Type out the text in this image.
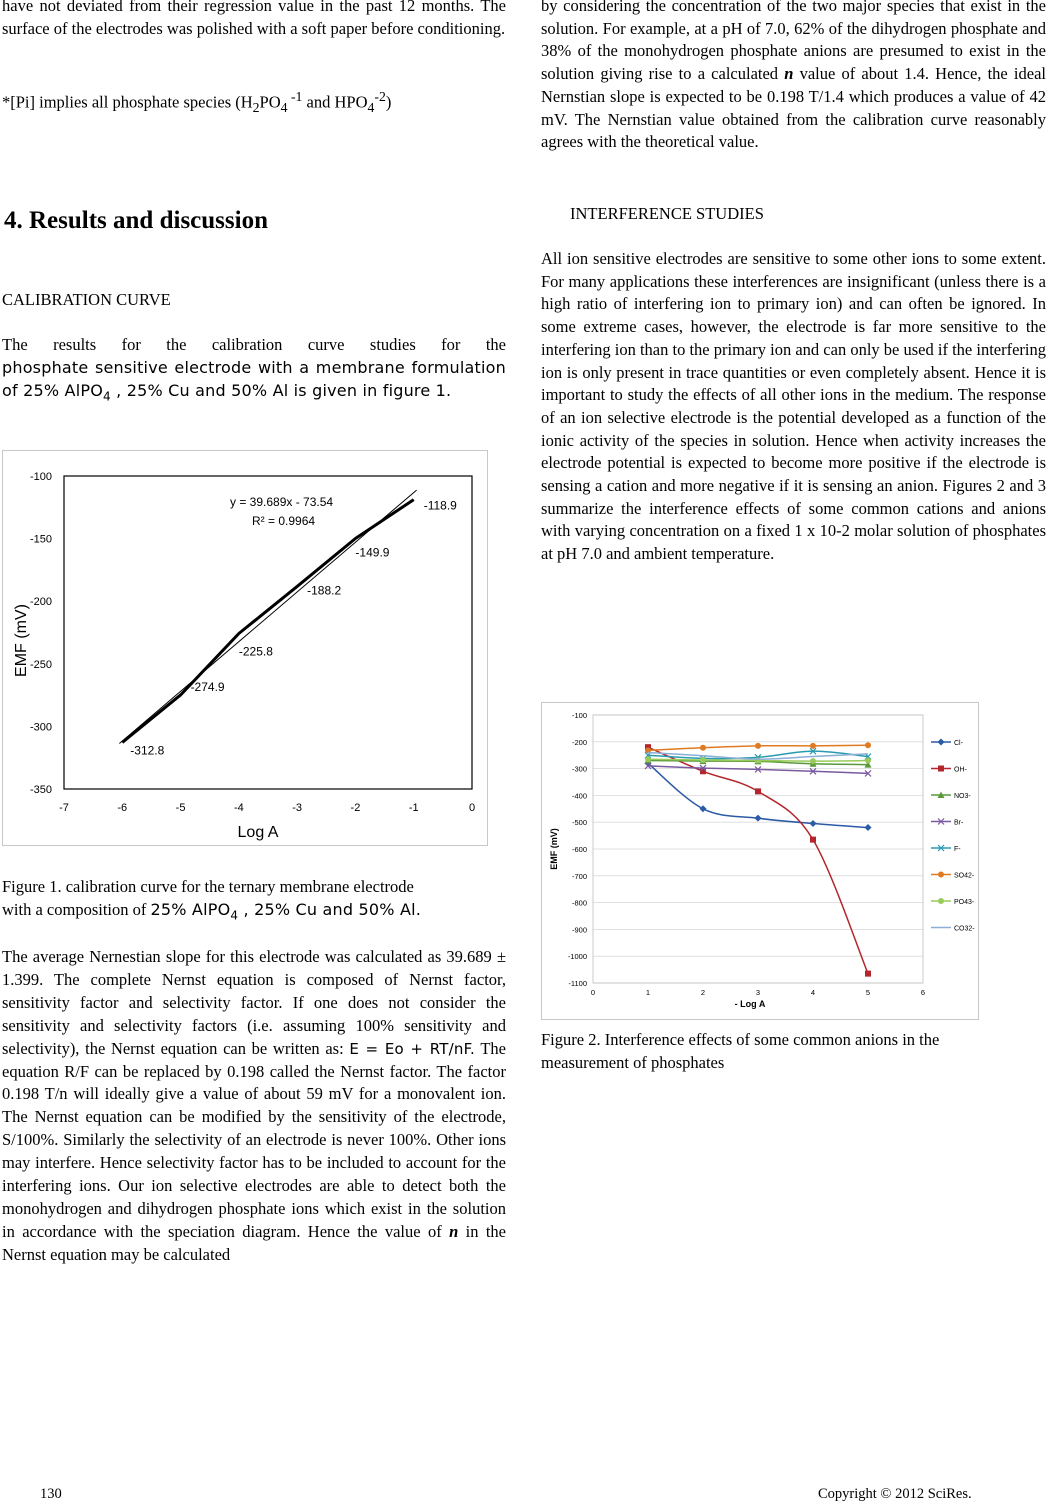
have not deviated from their regression value in the past 12 months. The surface of the electrodes was polished with a soft paper before conditioning.

*[Pi] implies all phosphate species ($H_2PO_4$ $^{-1}$ and $HPO_4^{-2}$)

4. Results and discussion
CALIBRATION CURVE

The results for the calibration curve studies for the phosphate sensitive electrode with a membrane formulation of 25% AlPO$_4$ , 25% Cu and 50% Al is given in figure 1.

-7	-6	-5	-4	-3	-2	-1	0
-100
-150
-200
-250
-300
-350
Log A
EMF (mV)
-312.8
-274.9
-225.8
-188.2
-149.9
-118.9
y = 39.689x - 73.54
R² = 0.9964
Figure 1. calibration curve for the ternary membrane electrode
with a composition of 25% AlPO$_4$ , 25% Cu and 50% Al.

The average Nernestian slope for this electrode was calculated as 39.689 ± 1.399. The complete Nernst equation is composed of Nernst factor, sensitivity factor and selectivity factor. If one does not consider the sensitivity and selectivity factors (i.e. assuming 100% sensitivity and selectivity), the Nernst equation can be written as: E = Eo + RT/nF. The equation R/F can be replaced by 0.198 called the Nernst factor. The factor 0.198 T/n will ideally give a value of about 59 mV for a monovalent ion. The Nernst equation can be modified by the sensitivity of the electrode, S/100%. Similarly the selectivity of an electrode is never 100%. Other ions may interfere. Hence selectivity factor has to be included to account for the interfering ions. Our ion selective electrodes are able to detect both the monohydrogen and dihydrogen phosphate ions which exist in the solution in accordance with the speciation diagram. Hence the value of n in the Nernst equation may be calculated

by considering the concentration of the two major species that exist in the solution. For example, at a pH of 7.0, 62% of the dihydrogen phosphate and 38% of the monohydrogen phosphate anions are presumed to exist in the solution giving rise to a calculated n value of about 1.4. Hence, the ideal Nernstian slope is expected to be 0.198 T/1.4 which produces a value of 42 mV. The Nernstian value obtained from the calibration curve reasonably agrees with the theoretical value.

INTERFERENCE STUDIES

All ion sensitive electrodes are sensitive to some other ions to some extent. For many applications these interferences are insignificant (unless there is a high ratio of interfering ion to primary ion) and can often be ignored. In some extreme cases, however, the electrode is far more sensitive to the interfering ion than to the primary ion and can only be used if the interfering ion is only present in trace quantities or even completely absent. Hence it is important to study the effects of all other ions in the medium. The response of an ion selective electrode is the potential developed as a function of the ionic activity of the species in solution. Hence when activity increases the electrode potential is expected to become more positive if the electrode is sensing a cation and more negative if it is sensing an anion. Figures 2 and 3 summarize the interference effects of some common cations and anions with varying concentration on a fixed 1 x 10-2 molar solution of phosphates at pH 7.0 and ambient temperature.

-100
-200
-300
-400
-500
-600
-700
-800
-900
-1000
-1100
0	1	2	3	4	5	6
- Log A
EMF (mV)
Cl-
OH-
NO3-
Br-
F-
SO42-
PO43-
CO32-
Figure 2. Interference effects of some common anions in the
measurement of phosphates
130	Copyright © 2012 SciRes.
